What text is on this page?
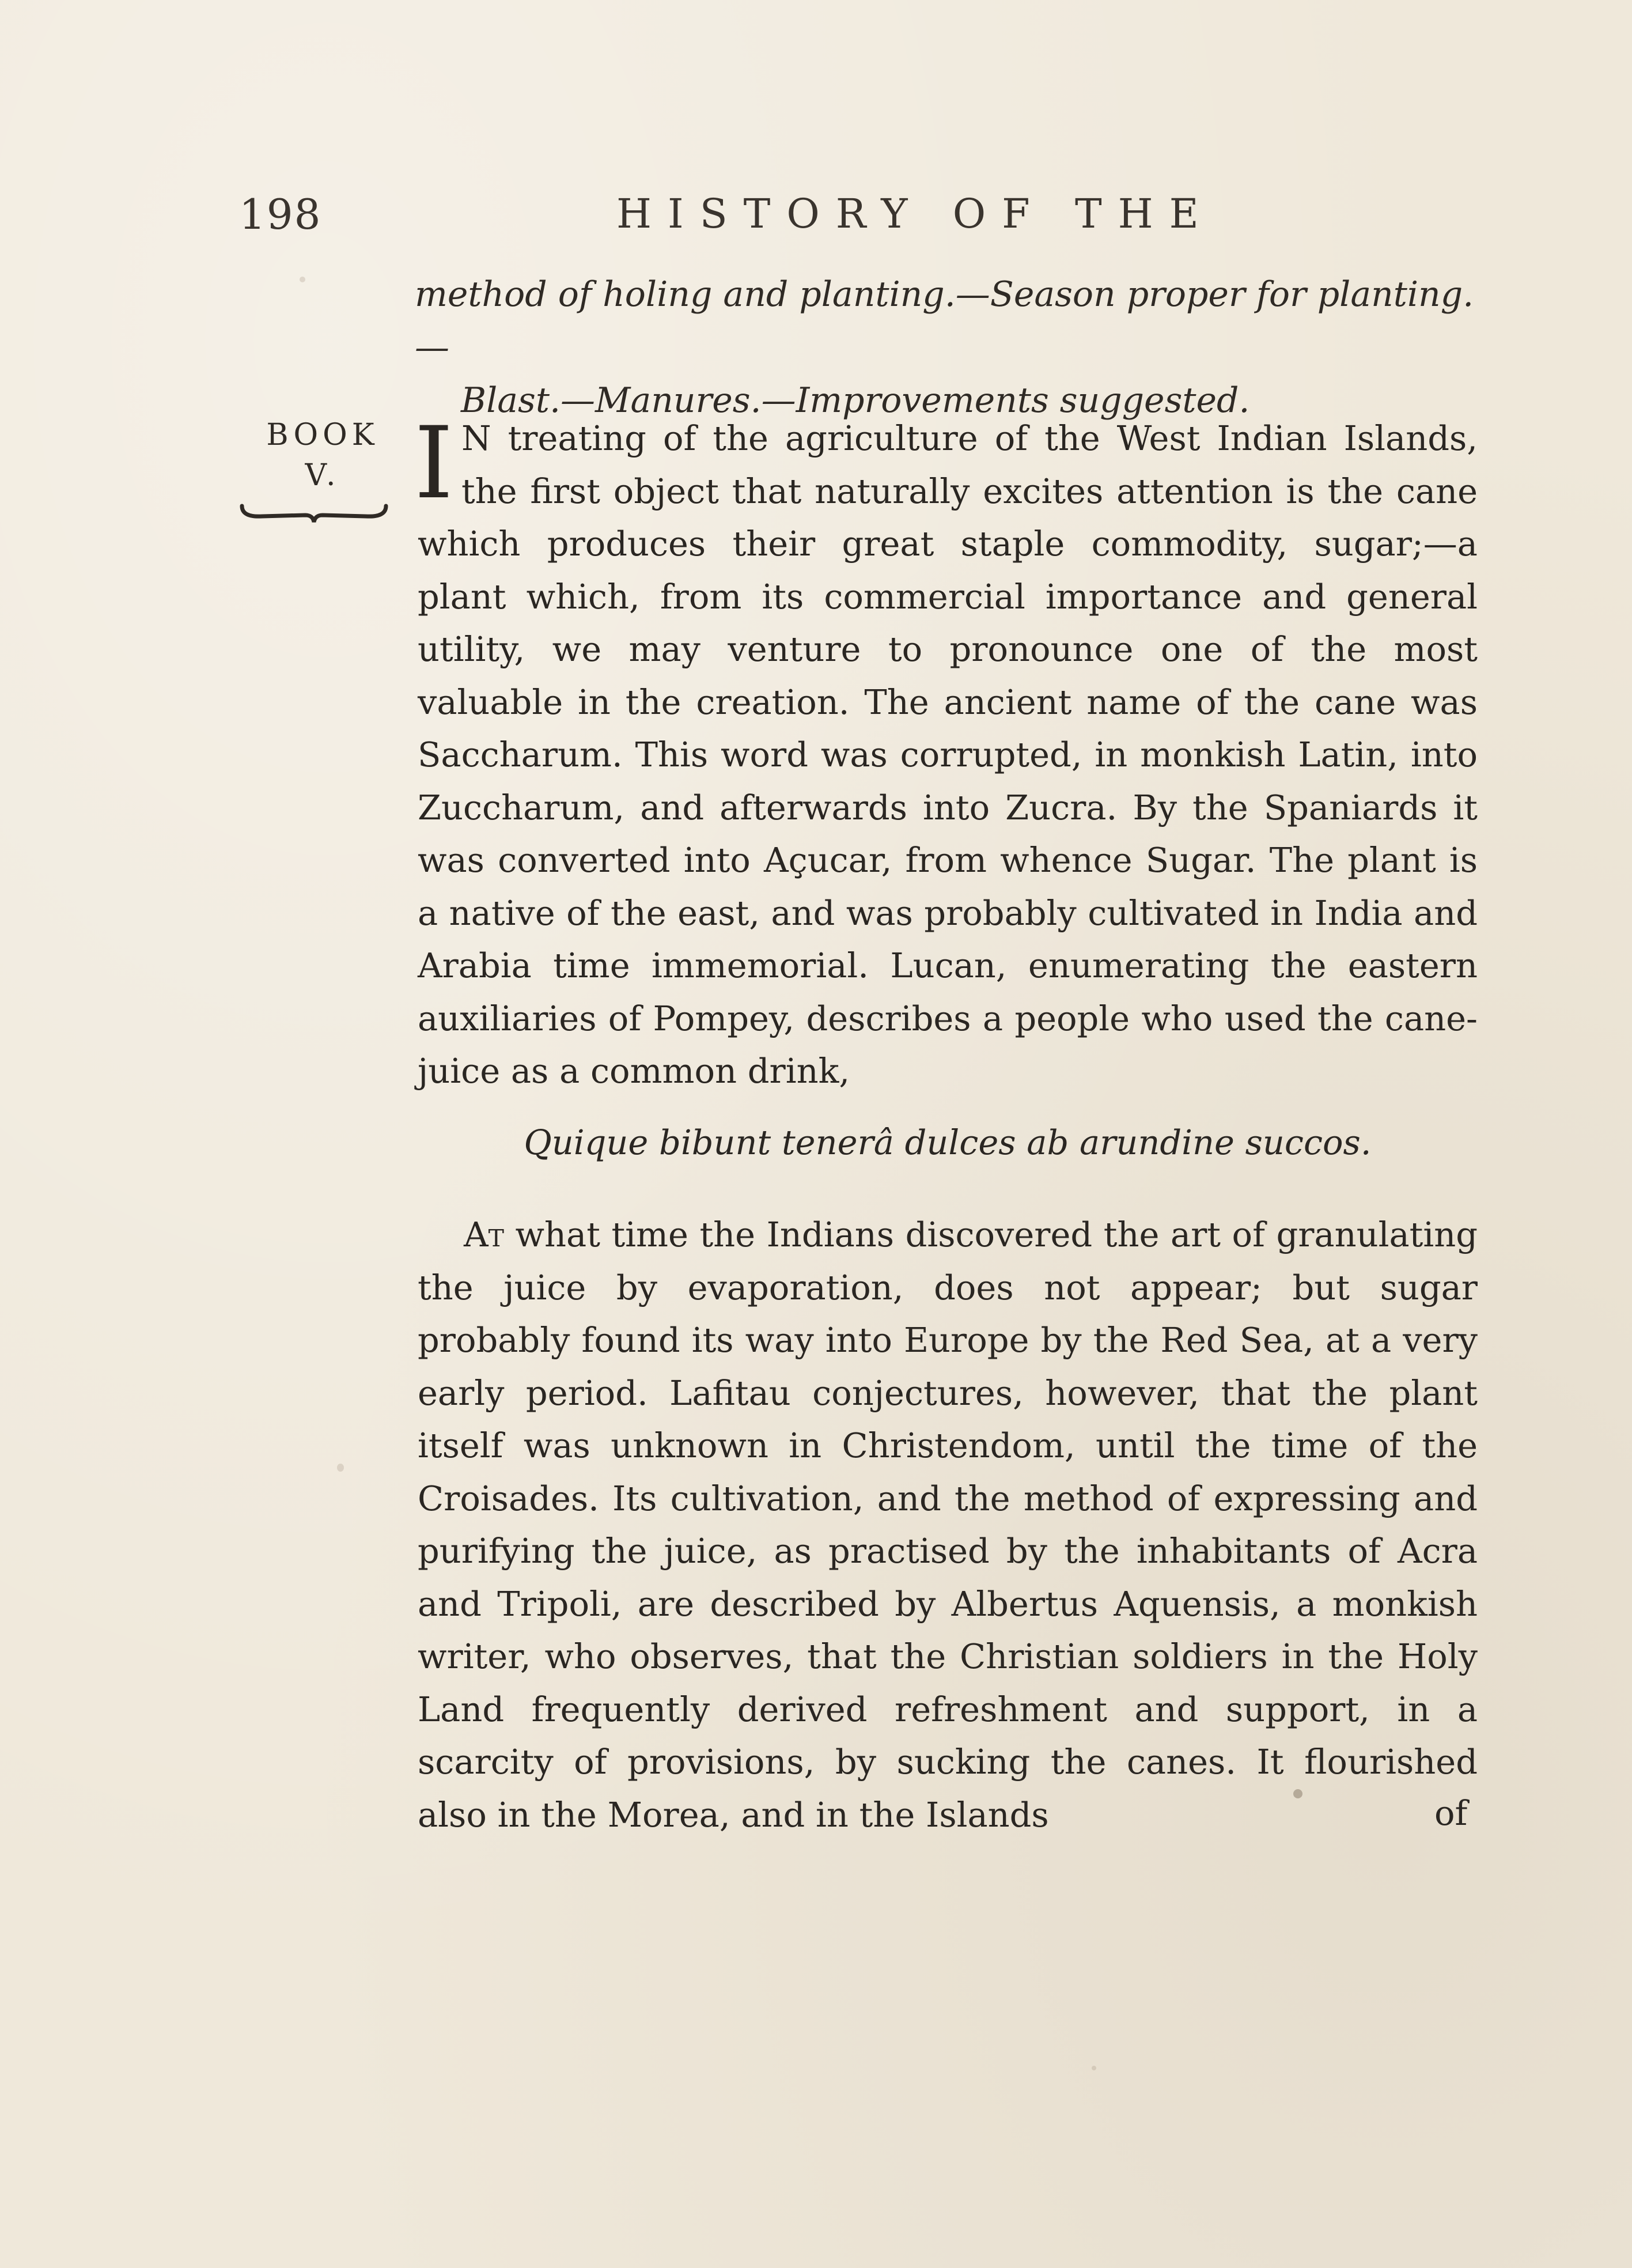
198	HISTORY OF THE
method of holing and planting.—Season proper for planting.—
Blast.—Manures.—Improvements suggested.
BOOK
V. I N treating of the agriculture of the West Indian Islands, the first object that naturally excites attention is the cane which produces their great staple commodity, sugar;—a plant which, from its commercial importance and general utility, we may venture to pronounce one of the most valuable in the creation. The ancient name of the cane was Saccharum. This word was corrupted, in monkish Latin, into Zuccharum, and afterwards into Zucra. By the Spaniards it was converted into Açucar, from whence Sugar. The plant is a native of the east, and was probably cultivated in India and Arabia time immemorial. Lucan, enumerating the eastern auxiliaries of Pompey, describes a people who used the cane-juice as a common drink,

Quique bibunt tenerâ dulces ab arundine succos.

At what time the Indians discovered the art of granulating the juice by evaporation, does not appear; but sugar probably found its way into Europe by the Red Sea, at a very early period. Lafitau conjectures, however, that the plant itself was unknown in Christendom, until the time of the Croisades. Its cultivation, and the method of expressing and purifying the juice, as practised by the inhabitants of Acra and Tripoli, are described by Albertus Aquensis, a monkish writer, who observes, that the Christian soldiers in the Holy Land frequently derived refreshment and support, in a scarcity of provisions, by sucking the canes. It flourished also in the Morea, and in the Islands	of
